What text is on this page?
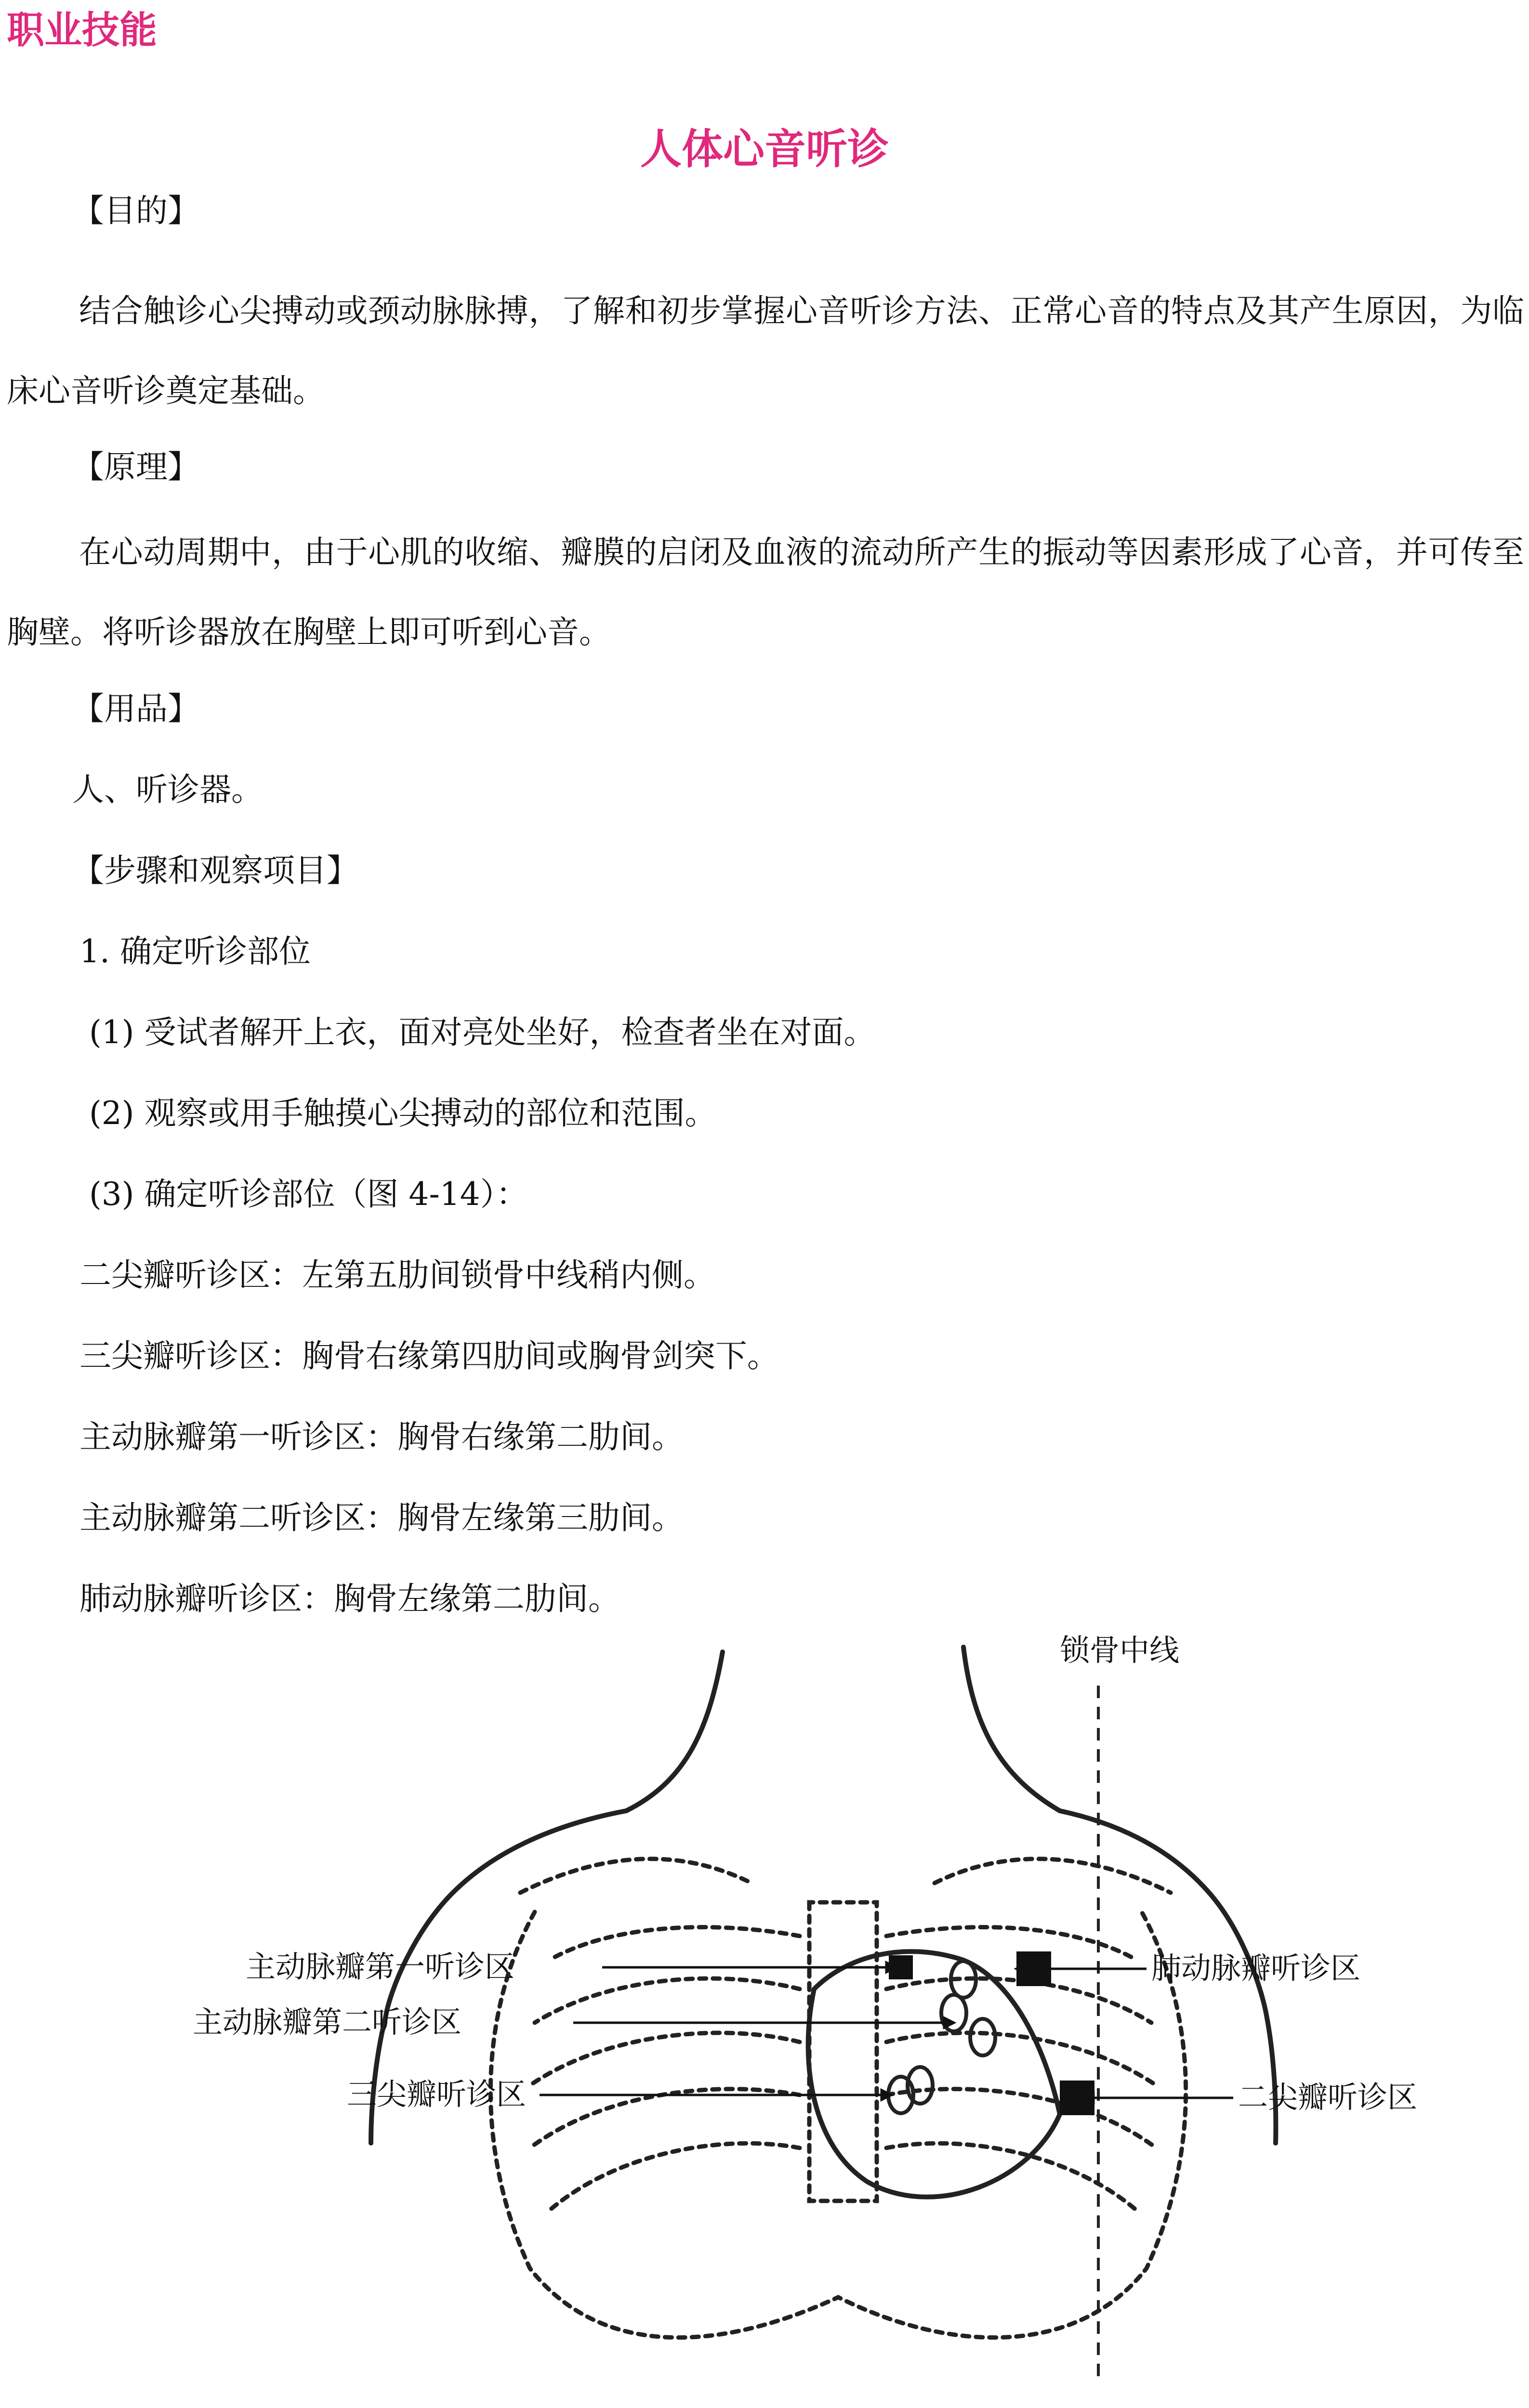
职业技能
人体心音听诊
【目的】
结合触诊心尖搏动或颈动脉脉搏，了解和初步掌握心音听诊方法、正常心音的特点及其产生原因，为临床心音听诊奠定基础。
【原理】
在心动周期中，由于心肌的收缩、瓣膜的启闭及血液的流动所产生的振动等因素形成了心音，并可传至胸壁。将听诊器放在胸壁上即可听到心音。
【用品】
人、听诊器。
【步骤和观察项目】
1. 确定听诊部位
(1) 受试者解开上衣，面对亮处坐好，检查者坐在对面。
(2) 观察或用手触摸心尖搏动的部位和范围。
(3) 确定听诊部位（图 4-14）：
二尖瓣听诊区：左第五肋间锁骨中线稍内侧。
三尖瓣听诊区：胸骨右缘第四肋间或胸骨剑突下。
主动脉瓣第一听诊区：胸骨右缘第二肋间。
主动脉瓣第二听诊区：胸骨左缘第三肋间。
肺动脉瓣听诊区：胸骨左缘第二肋间。
锁骨中线
主动脉瓣第一听诊区
主动脉瓣第二听诊区
三尖瓣听诊区
肺动脉瓣听诊区
二尖瓣听诊区
